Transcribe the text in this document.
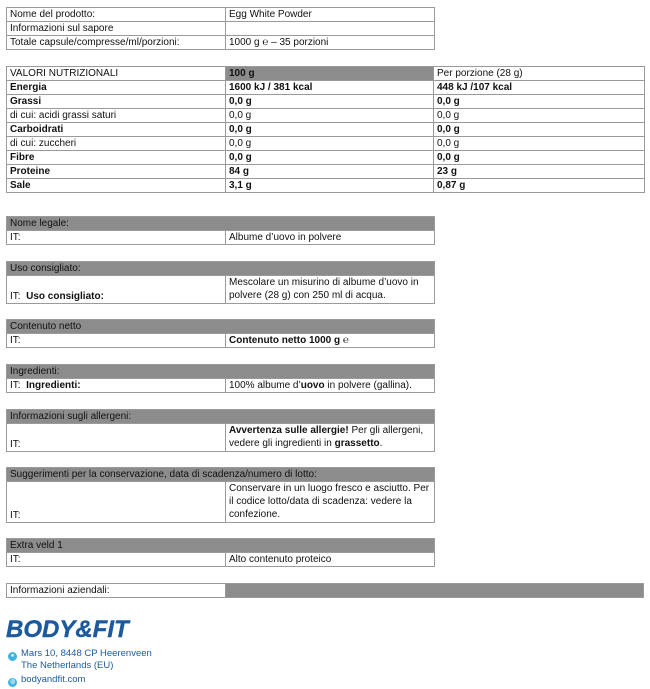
Nome del prodotto:	Egg White Powder
Informazioni sul sapore	
Totale capsule/compresse/ml/porzioni:	1000 g ℮ – 35 porzioni
VALORI NUTRIZIONALI	100 g	Per porzione (28 g)
Energia	1600 kJ / 381 kcal	448 kJ /107 kcal
Grassi	0,0 g	0,0 g
di cui: acidi grassi saturi	0,0 g	0,0 g
Carboidrati	0,0 g	0,0 g
di cui: zuccheri	0,0 g	0,0 g
Fibre	0,0 g	0,0 g
Proteine	84 g	23 g
Sale	3,1 g	0,87 g
Nome legale:
IT:	Albume d’uovo in polvere
Uso consigliato:
IT: Uso consigliato:	Mescolare un misurino di albume d’uovo in polvere (28 g) con 250 ml di acqua.
Contenuto netto
IT:	Contenuto netto 1000 g ℮
Ingredienti:
IT: Ingredienti:	100% albume d’uovo in polvere (gallina).
Informazioni sugli allergeni:
IT:	Avvertenza sulle allergie! Per gli allergeni, vedere gli ingredienti in grassetto.
Suggerimenti per la conservazione, data di scadenza/numero di lotto:
IT:	Conservare in un luogo fresco e asciutto. Per il codice lotto/data di scadenza: vedere la confezione.
Extra veld 1
IT:	Alto contenuto proteico
Informazioni aziendali:	
BODY&FIT
● Mars 10, 8448 CP Heerenveen
The Netherlands (EU)
◍ bodyandfit.com
